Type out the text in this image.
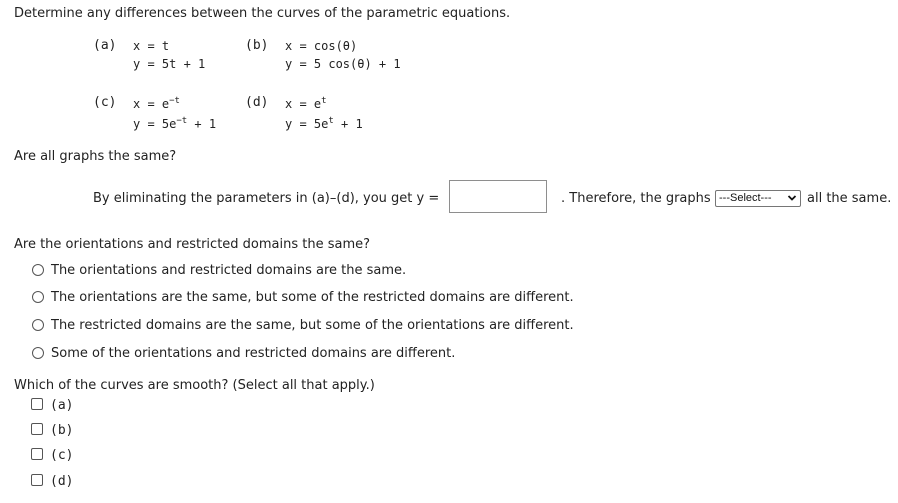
Determine any differences between the curves of the parametric equations.
(a) x = t
y = 5t + 1
(b) x = cos(θ)
y = 5 cos(θ) + 1
(c) $x = e^{-t}$
$y = 5e^{-t} + 1$
(d) $x = e^t$
$y = 5e^t + 1$
Are all graphs the same?
By eliminating the parameters in (a)–(d), you get y =	. Therefore, the graphs ---Select---	all the same.
Are the orientations and restricted domains the same?
The orientations and restricted domains are the same.
The orientations are the same, but some of the restricted domains are different.
The restricted domains are the same, but some of the orientations are different.
Some of the orientations and restricted domains are different.
Which of the curves are smooth? (Select all that apply.)
(a)
(b)
(c)
(d)
